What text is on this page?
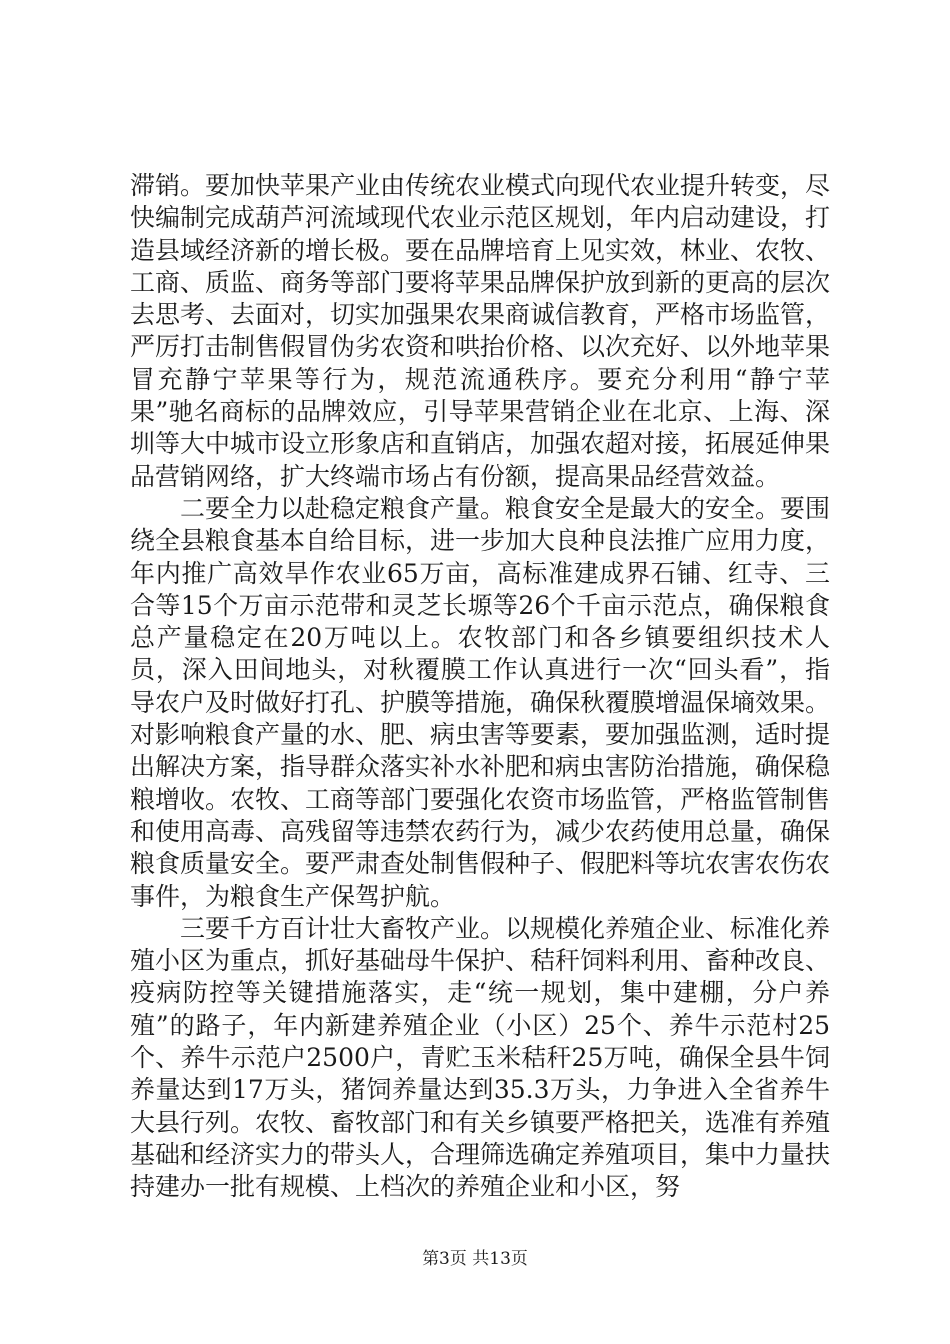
滞销。要加快苹果产业由传统农业模式向现代农业提升转变，尽快编制完成葫芦河流域现代农业示范区规划，年内启动建设，打造县域经济新的增长极。要在品牌培育上见实效，林业、农牧、工商、质监、商务等部门要将苹果品牌保护放到新的更高的层次去思考、去面对，切实加强果农果商诚信教育，严格市场监管，严厉打击制售假冒伪劣农资和哄抬价格、以次充好、以外地苹果冒充静宁苹果等行为，规范流通秩序。要充分利用“静宁苹果”驰名商标的品牌效应，引导苹果营销企业在北京、上海、深圳等大中城市设立形象店和直销店，加强农超对接，拓展延伸果品营销网络，扩大终端市场占有份额，提高果品经营效益。

二要全力以赴稳定粮食产量。粮食安全是最大的安全。要围绕全县粮食基本自给目标，进一步加大良种良法推广应用力度，年内推广高效旱作农业65万亩，高标准建成界石铺、红寺、三合等15个万亩示范带和灵芝长塬等26个千亩示范点，确保粮食总产量稳定在20万吨以上。农牧部门和各乡镇要组织技术人员，深入田间地头，对秋覆膜工作认真进行一次“回头看”，指导农户及时做好打孔、护膜等措施，确保秋覆膜增温保墒效果。对影响粮食产量的水、肥、病虫害等要素，要加强监测，适时提出解决方案，指导群众落实补水补肥和病虫害防治措施，确保稳粮增收。农牧、工商等部门要强化农资市场监管，严格监管制售和使用高毒、高残留等违禁农药行为，减少农药使用总量，确保粮食质量安全。要严肃查处制售假种子、假肥料等坑农害农伤农事件，为粮食生产保驾护航。

三要千方百计壮大畜牧产业。以规模化养殖企业、标准化养殖小区为重点，抓好基础母牛保护、秸秆饲料利用、畜种改良、疫病防控等关键措施落实，走“统一规划，集中建棚，分户养殖”的路子，年内新建养殖企业（小区）25个、养牛示范村25个、养牛示范户2500户，青贮玉米秸秆25万吨，确保全县牛饲养量达到17万头，猪饲养量达到35.3万头，力争进入全省养牛大县行列。农牧、畜牧部门和有关乡镇要严格把关，选准有养殖基础和经济实力的带头人，合理筛选确定养殖项目，集中力量扶持建办一批有规模、上档次的养殖企业和小区，努

第3页 共13页
